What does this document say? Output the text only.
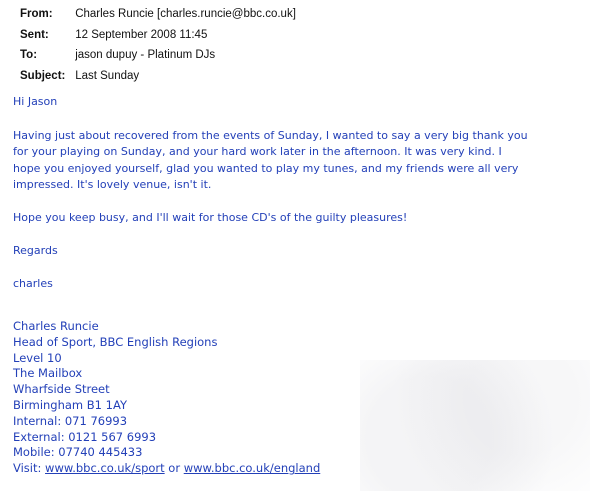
From: Charles Runcie [charles.runcie@bbc.co.uk]
Sent: 12 September 2008 11:45
To:	jason dupuy - Platinum DJs
Subject: Last Sunday
Hi Jason
Having just about recovered from the events of Sunday, I wanted to say a very big thank you
for your playing on Sunday, and your hard work later in the afternoon. It was very kind. I
hope you enjoyed yourself, glad you wanted to play my tunes, and my friends were all very
impressed. It's lovely venue, isn't it.
Hope you keep busy, and I'll wait for those CD's of the guilty pleasures!
Regards
charles
Charles Runcie
Head of Sport, BBC English Regions
Level 10
The Mailbox
Wharfside Street
Birmingham B1 1AY
Internal: 071 76993
External: 0121 567 6993
Mobile: 07740 445433
Visit: www.bbc.co.uk/sport or www.bbc.co.uk/england
